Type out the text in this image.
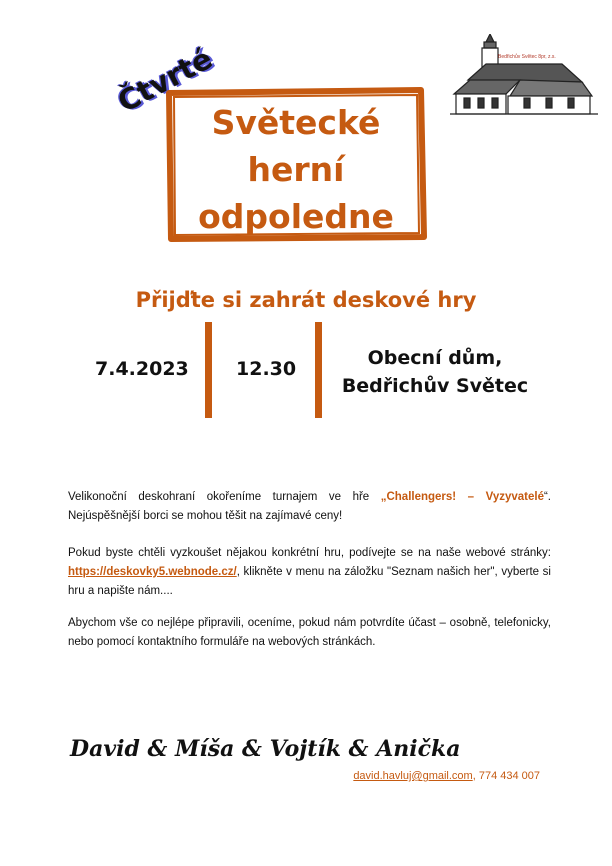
Bedřichův Světec 8pr, z.s.
Čtvrté
Světecké
herní
odpoledne
Přijďte si zahrát deskové hry
7.4.2023 12.30	Obecní dům,
Bedřichův Světec
Velikonoční deskohraní okořeníme turnajem ve hře „Challengers! – Vyzyvatelé“. Nejúspěšnější borci se mohou těšit na zajímavé ceny!
Pokud byste chtěli vyzkoušet nějakou konkrétní hru, podívejte se na naše webové stránky: https://deskovky5.webnode.cz/, klikněte v menu na záložku "Seznam našich her", vyberte si hru a napište nám....
Abychom vše co nejlépe připravili, oceníme, pokud nám potvrdíte účast – osobně, telefonicky, nebo pomocí kontaktního formuláře na webových stránkách.
David & Míša & Vojtík & Anička
david.havluj@gmail.com, 774 434 007
